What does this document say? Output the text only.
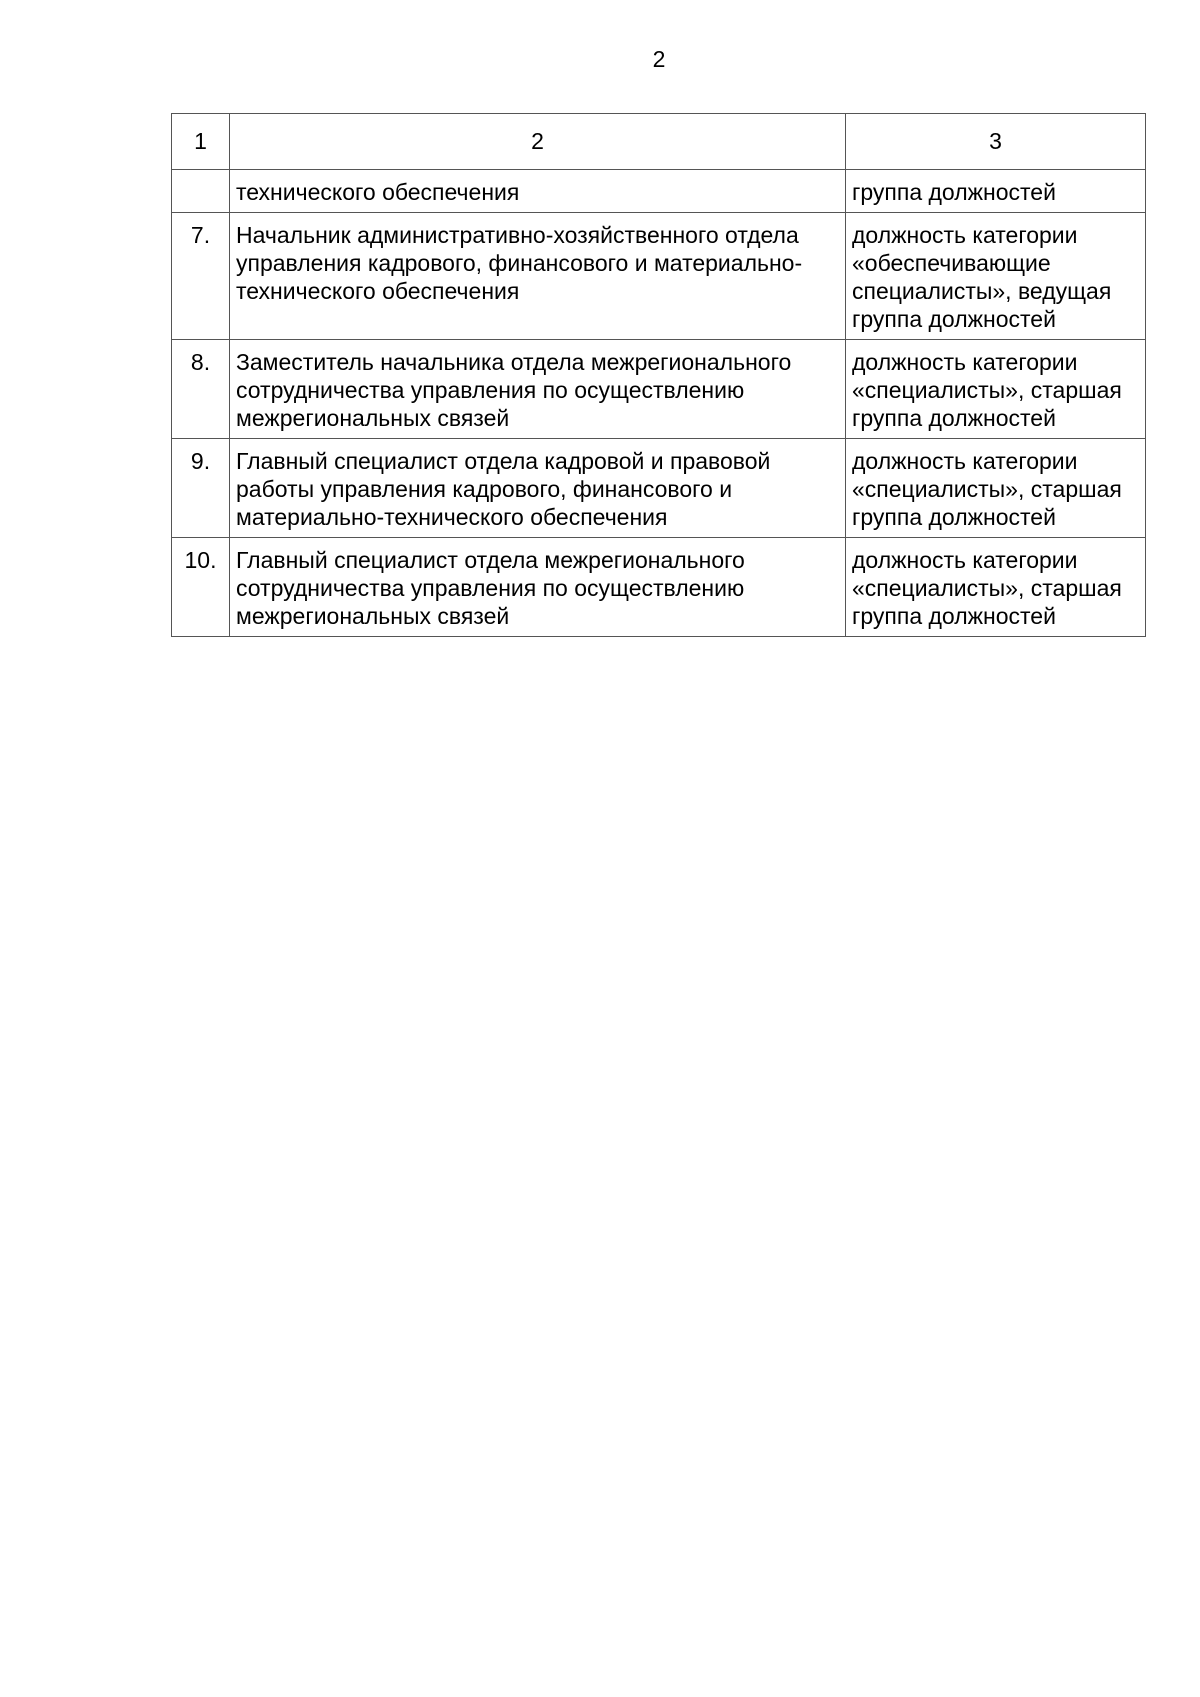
2
1	2	3

	технического обеспечения	группа должностей

7.	Начальник административно-хозяйственного отдела
управления кадрового, финансового и материально-
технического обеспечения	должность категории
«обеспечивающие
специалисты», ведущая
группа должностей

8.	Заместитель начальника отдела межрегионального
сотрудничества управления по осуществлению
межрегиональных связей	должность категории
«специалисты», старшая
группа должностей

9.	Главный специалист отдела кадровой и правовой
работы управления кадрового, финансового и
материально-технического обеспечения	должность категории
«специалисты», старшая
группа должностей

10.	Главный специалист отдела межрегионального
сотрудничества управления по осуществлению
межрегиональных связей	должность категории
«специалисты», старшая
группа должностей
